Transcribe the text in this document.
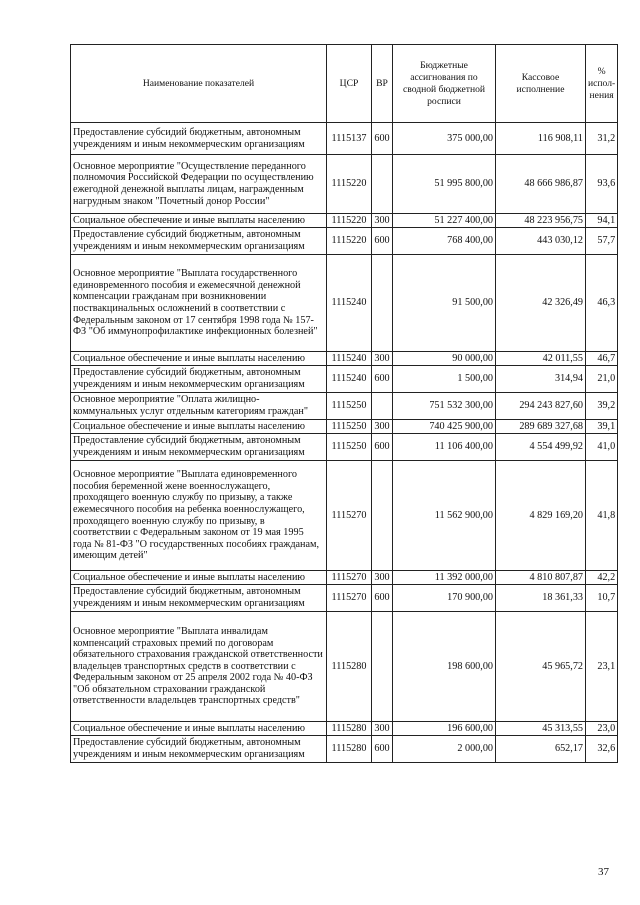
Наименование показателей	ЦСР	ВР	Бюджетные ассигнования по сводной бюджетной росписи	Кассовое исполнение	% испол-нения
Предоставление субсидий бюджетным, автономным учреждениям и иным некоммерческим организациям	1115137	600	375 000,00	116 908,11	31,2
Основное мероприятие "Осуществление переданного полномочия Российской Федерации по осуществлению ежегодной денежной выплаты лицам, награжденным нагрудным знаком "Почетный донор России"	1115220		51 995 800,00	48 666 986,87	93,6
Социальное обеспечение и иные выплаты населению	1115220	300	51 227 400,00	48 223 956,75	94,1
Предоставление субсидий бюджетным, автономным учреждениям и иным некоммерческим организациям	1115220	600	768 400,00	443 030,12	57,7
Основное мероприятие "Выплата государственного единовременного пособия и ежемесячной денежной компенсации гражданам при возникновении поствакцинальных осложнений в соответствии с Федеральным законом от 17 сентября 1998 года № 157-ФЗ "Об иммунопрофилактике инфекционных болезней"	1115240		91 500,00	42 326,49	46,3
Социальное обеспечение и иные выплаты населению	1115240	300	90 000,00	42 011,55	46,7
Предоставление субсидий бюджетным, автономным учреждениям и иным некоммерческим организациям	1115240	600	1 500,00	314,94	21,0
Основное мероприятие "Оплата жилищно-коммунальных услуг отдельным категориям граждан"	1115250		751 532 300,00	294 243 827,60	39,2
Социальное обеспечение и иные выплаты населению	1115250	300	740 425 900,00	289 689 327,68	39,1
Предоставление субсидий бюджетным, автономным учреждениям и иным некоммерческим организациям	1115250	600	11 106 400,00	4 554 499,92	41,0
Основное мероприятие "Выплата единовременного пособия беременной жене военнослужащего, проходящего военную службу по призыву, а также ежемесячного пособия на ребенка военнослужащего, проходящего военную службу по призыву, в соответствии с Федеральным законом от 19 мая 1995 года № 81-ФЗ "О государственных пособиях гражданам, имеющим детей"	1115270		11 562 900,00	4 829 169,20	41,8
Социальное обеспечение и иные выплаты населению	1115270	300	11 392 000,00	4 810 807,87	42,2
Предоставление субсидий бюджетным, автономным учреждениям и иным некоммерческим организациям	1115270	600	170 900,00	18 361,33	10,7
Основное мероприятие "Выплата инвалидам компенсаций страховых премий по договорам обязательного страхования гражданской ответственности владельцев транспортных средств в соответствии с Федеральным законом от 25 апреля 2002 года № 40-ФЗ "Об обязательном страховании гражданской ответственности владельцев транспортных средств"	1115280		198 600,00	45 965,72	23,1
Социальное обеспечение и иные выплаты населению	1115280	300	196 600,00	45 313,55	23,0
Предоставление субсидий бюджетным, автономным учреждениям и иным некоммерческим организациям	1115280	600	2 000,00	652,17	32,6
37
